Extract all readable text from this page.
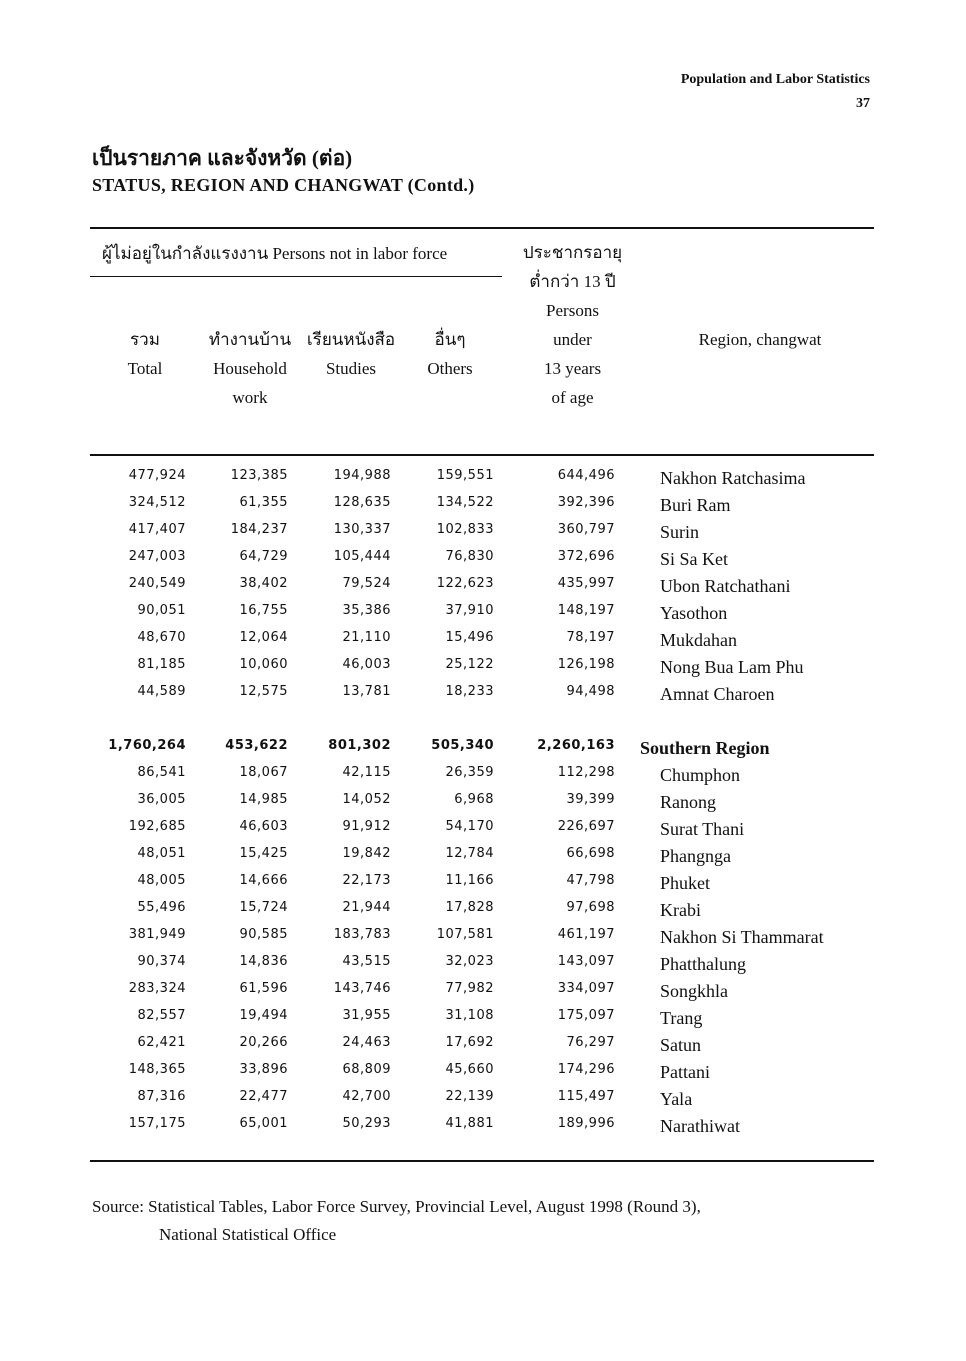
Population and Labor Statistics
37
เป็นรายภาค และจังหวัด (ต่อ)
STATUS, REGION AND CHANGWAT (Contd.)
ผู้ไม่อยู่ในกำลังแรงงาน Persons not in labor force
รวม
Total
ทำงานบ้าน
Household
work
เรียนหนังสือ
Studies
อื่นๆ
Others
ประชากรอายุ
ต่ำกว่า 13 ปี
Persons
under
13 years
of age
Region, changwat
477,924	123,385	194,988	159,551	644,496	Nakhon Ratchasima
324,512	61,355	128,635	134,522	392,396	Buri Ram
417,407	184,237	130,337	102,833	360,797	Surin
247,003	64,729	105,444	76,830	372,696	Si Sa Ket
240,549	38,402	79,524	122,623	435,997	Ubon Ratchathani
90,051	16,755	35,386	37,910	148,197	Yasothon
48,670	12,064	21,110	15,496	78,197	Mukdahan
81,185	10,060	46,003	25,122	126,198	Nong Bua Lam Phu
44,589	12,575	13,781	18,233	94,498	Amnat Charoen
1,760,264	453,622	801,302	505,340	2,260,163 Southern Region
86,541	18,067	42,115	26,359	112,298	Chumphon
36,005	14,985	14,052	6,968	39,399	Ranong
192,685	46,603	91,912	54,170	226,697	Surat Thani
48,051	15,425	19,842	12,784	66,698	Phangnga
48,005	14,666	22,173	11,166	47,798	Phuket
55,496	15,724	21,944	17,828	97,698	Krabi
381,949	90,585	183,783	107,581	461,197	Nakhon Si Thammarat
90,374	14,836	43,515	32,023	143,097	Phatthalung
283,324	61,596	143,746	77,982	334,097	Songkhla
82,557	19,494	31,955	31,108	175,097	Trang
62,421	20,266	24,463	17,692	76,297	Satun
148,365	33,896	68,809	45,660	174,296	Pattani
87,316	22,477	42,700	22,139	115,497	Yala
157,175	65,001	50,293	41,881	189,996	Narathiwat
Source: Statistical Tables, Labor Force Survey, Provincial Level, August 1998 (Round 3),
National Statistical Office
